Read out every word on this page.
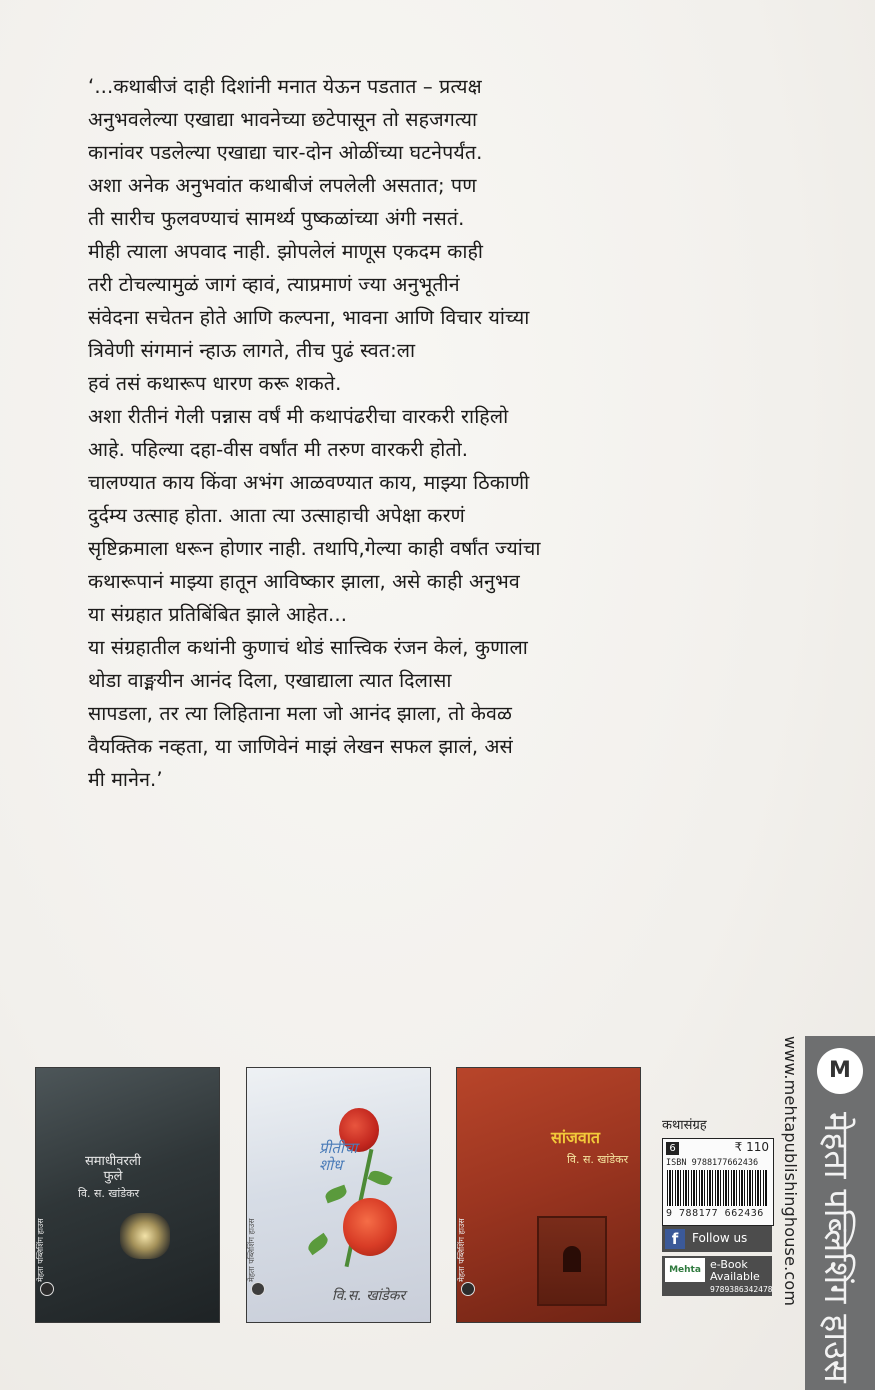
‘...कथाबीजं दाही दिशांनी मनात येऊन पडतात – प्रत्यक्ष

अनुभवलेल्या एखाद्या भावनेच्या छटेपासून तो सहजगत्या

कानांवर पडलेल्या एखाद्या चार-दोन ओळींच्या घटनेपर्यंत.

अशा अनेक अनुभवांत कथाबीजं लपलेली असतात; पण

ती सारीच फुलवण्याचं सामर्थ्य पुष्कळांच्या अंगी नसतं.

मीही त्याला अपवाद नाही. झोपलेलं माणूस एकदम काही

तरी टोचल्यामुळं जागं व्हावं, त्याप्रमाणं ज्या अनुभूतीनं

संवेदना सचेतन होते आणि कल्पना, भावना आणि विचार यांच्या

त्रिवेणी संगमानं न्हाऊ लागते, तीच पुढं स्वत:ला

हवं तसं कथारूप धारण करू शकते.

अशा रीतीनं गेली पन्नास वर्षं मी कथापंढरीचा वारकरी राहिलो

आहे. पहिल्या दहा-वीस वर्षांत मी तरुण वारकरी होतो.

चालण्यात काय किंवा अभंग आळवण्यात काय, माझ्या ठिकाणी

दुर्दम्य उत्साह होता. आता त्या उत्साहाची अपेक्षा करणं

सृष्टिक्रमाला धरून होणार नाही. तथापि,गेल्या काही वर्षांत ज्यांचा

कथारूपानं माझ्या हातून आविष्कार झाला, असे काही अनुभव

या संग्रहात प्रतिबिंबित झाले आहेत...

या संग्रहातील कथांनी कुणाचं थोडं सात्त्विक रंजन केलं, कुणाला

थोडा वाङ्मयीन आनंद दिला, एखाद्याला त्यात दिलासा

सापडला, तर त्या लिहिताना मला जो आनंद झाला, तो केवळ

वैयक्तिक नव्हता, या जाणिवेनं माझं लेखन सफल झालं, असं

मी मानेन.’

समाधीवरली
फुले
वि. स. खांडेकर
मेहता पब्लिशिंग हाउस
प्रीतीचा
शोध
वि.स. खांडेकर
मेहता पब्लिशिंग हाउस
सांजवात
वि. स. खांडेकर
मेहता पब्लिशिंग हाउस
कथासंग्रह
6	₹ 110
ISBN 9788177662436
9 788177 662436
f	Follow us
Mehta e-Book
Available
9789386342478 www.mehtapublishinghouse.com	M
मेहता पब्लिशिंग हाउस
